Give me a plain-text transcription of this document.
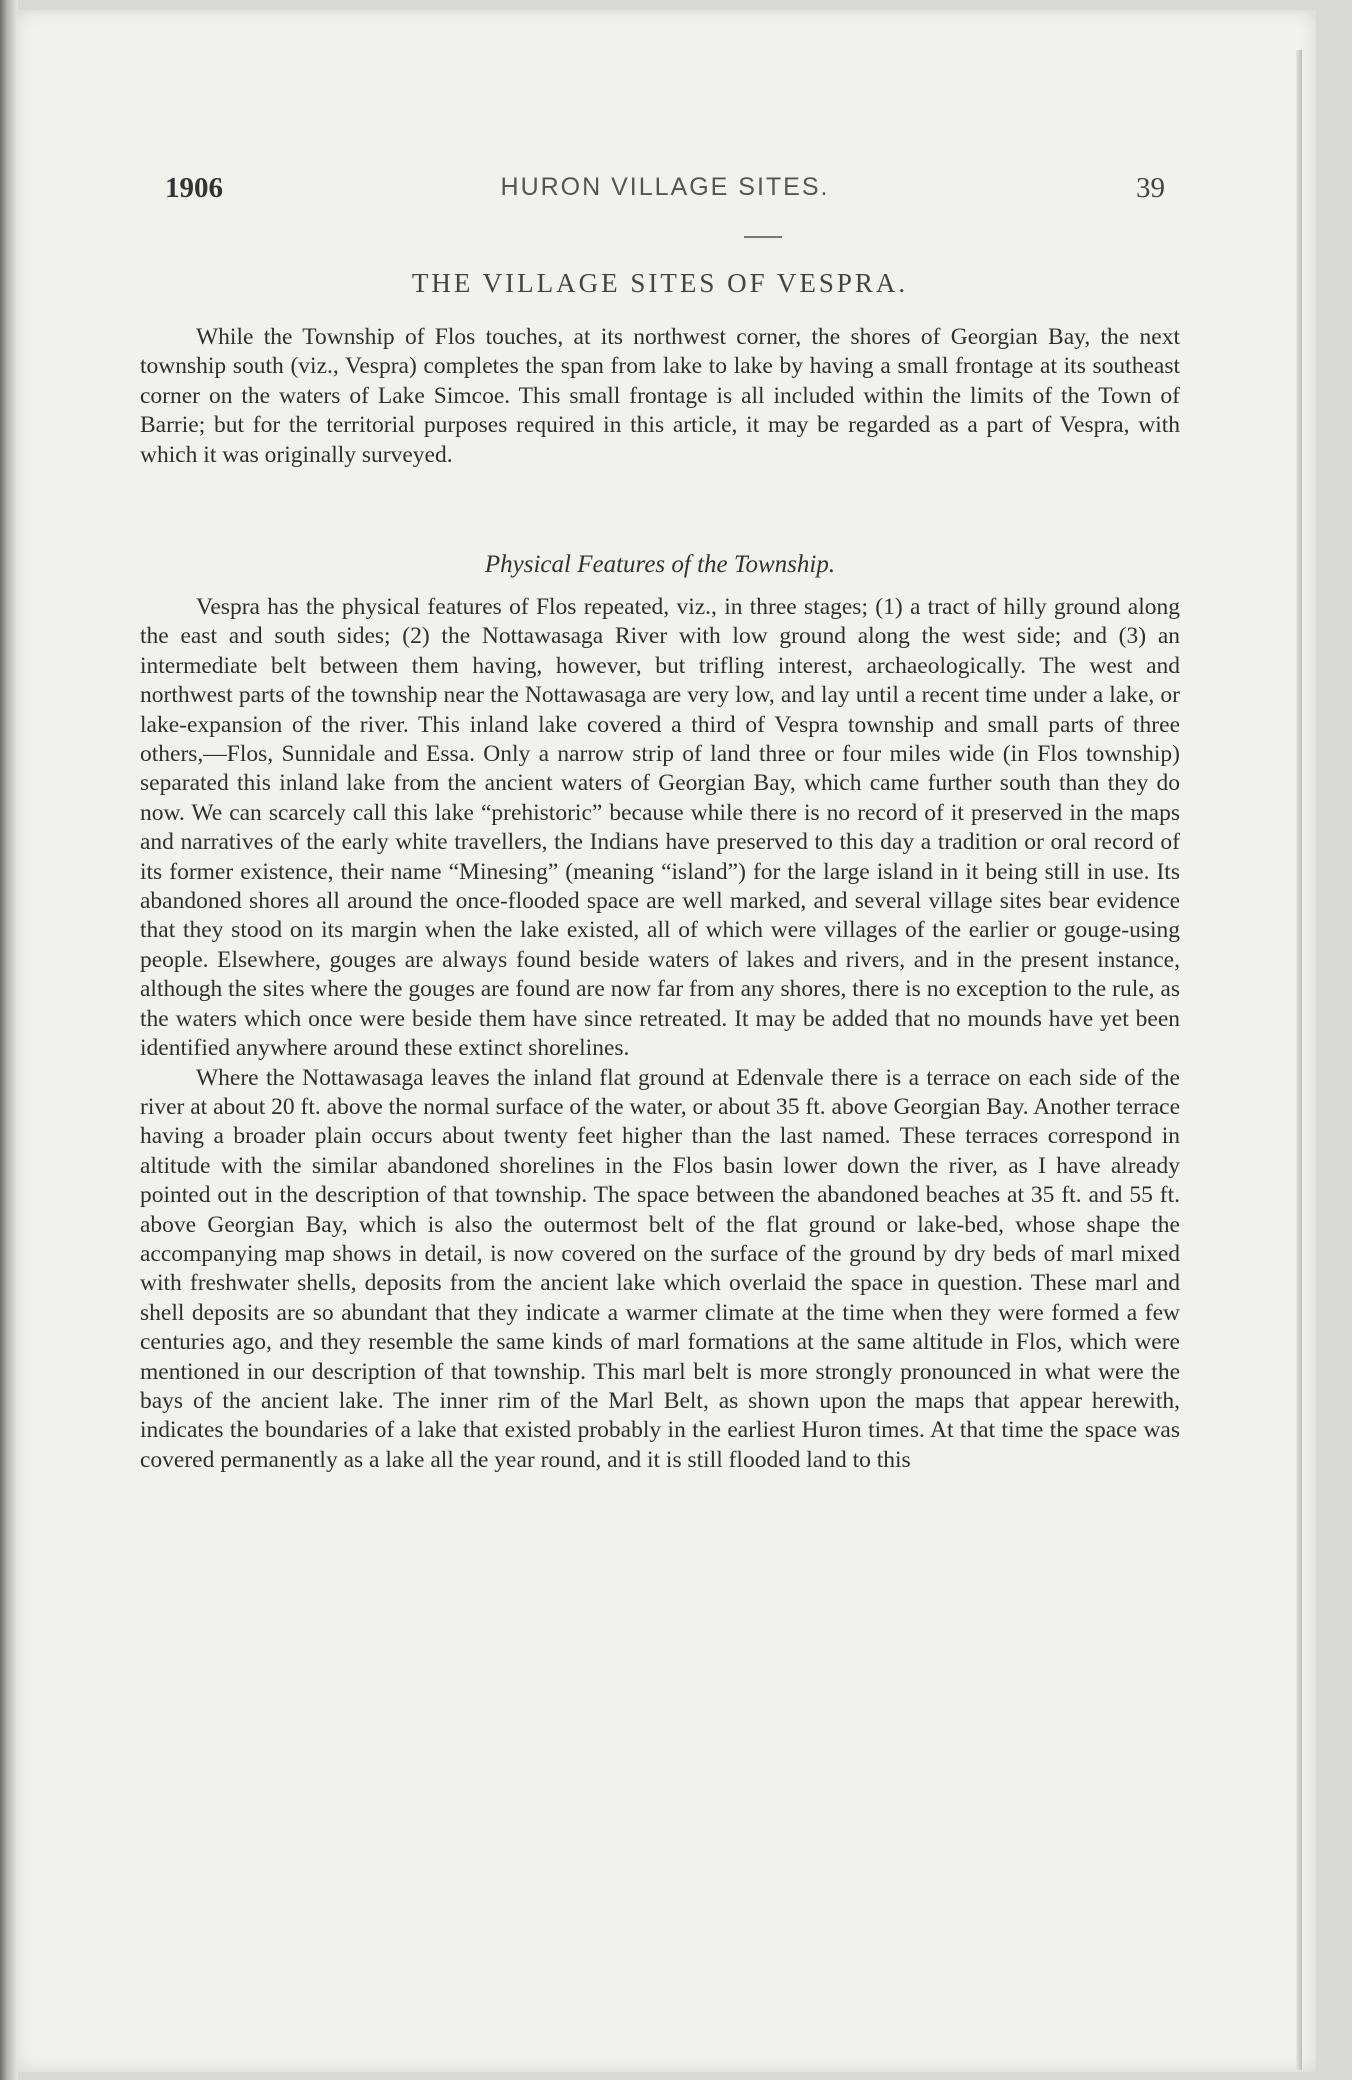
1906	HURON VILLAGE SITES.	39
THE VILLAGE SITES OF VESPRA.

While the Township of Flos touches, at its northwest corner, the shores of Georgian Bay, the next township south (viz., Vespra) completes the span from lake to lake by having a small frontage at its southeast corner on the waters of Lake Simcoe. This small frontage is all included within the limits of the Town of Barrie; but for the territorial purposes required in this article, it may be regarded as a part of Vespra, with which it was originally surveyed.

Physical Features of the Township.

Vespra has the physical features of Flos repeated, viz., in three stages; (1) a tract of hilly ground along the east and south sides; (2) the Nottawasaga River with low ground along the west side; and (3) an intermediate belt between them having, however, but trifling interest, archaeologically. The west and northwest parts of the township near the Nottawasaga are very low, and lay until a recent time under a lake, or lake-expansion of the river. This inland lake covered a third of Vespra township and small parts of three others,—Flos, Sunnidale and Essa. Only a narrow strip of land three or four miles wide (in Flos township) separated this inland lake from the ancient waters of Georgian Bay, which came further south than they do now. We can scarcely call this lake “prehistoric” because while there is no record of it preserved in the maps and narratives of the early white travellers, the Indians have preserved to this day a tradition or oral record of its former existence, their name “Minesing” (meaning “island”) for the large island in it being still in use. Its abandoned shores all around the once-flooded space are well marked, and several village sites bear evidence that they stood on its margin when the lake existed, all of which were villages of the earlier or gouge-using people. Elsewhere, gouges are always found beside waters of lakes and rivers, and in the present instance, although the sites where the gouges are found are now far from any shores, there is no exception to the rule, as the waters which once were beside them have since retreated. It may be added that no mounds have yet been identified anywhere around these extinct shorelines.

Where the Nottawasaga leaves the inland flat ground at Edenvale there is a terrace on each side of the river at about 20 ft. above the normal surface of the water, or about 35 ft. above Georgian Bay. Another terrace having a broader plain occurs about twenty feet higher than the last named. These terraces correspond in altitude with the similar abandoned shorelines in the Flos basin lower down the river, as I have already pointed out in the description of that township. The space between the abandoned beaches at 35 ft. and 55 ft. above Georgian Bay, which is also the outermost belt of the flat ground or lake-bed, whose shape the accompanying map shows in detail, is now covered on the surface of the ground by dry beds of marl mixed with freshwater shells, deposits from the ancient lake which overlaid the space in question. These marl and shell deposits are so abundant that they indicate a warmer climate at the time when they were formed a few centuries ago, and they resemble the same kinds of marl formations at the same altitude in Flos, which were mentioned in our description of that township. This marl belt is more strongly pronounced in what were the bays of the ancient lake. The inner rim of the Marl Belt, as shown upon the maps that appear herewith, indicates the boundaries of a lake that existed probably in the earliest Huron times. At that time the space was covered permanently as a lake all the year round, and it is still flooded land to this
